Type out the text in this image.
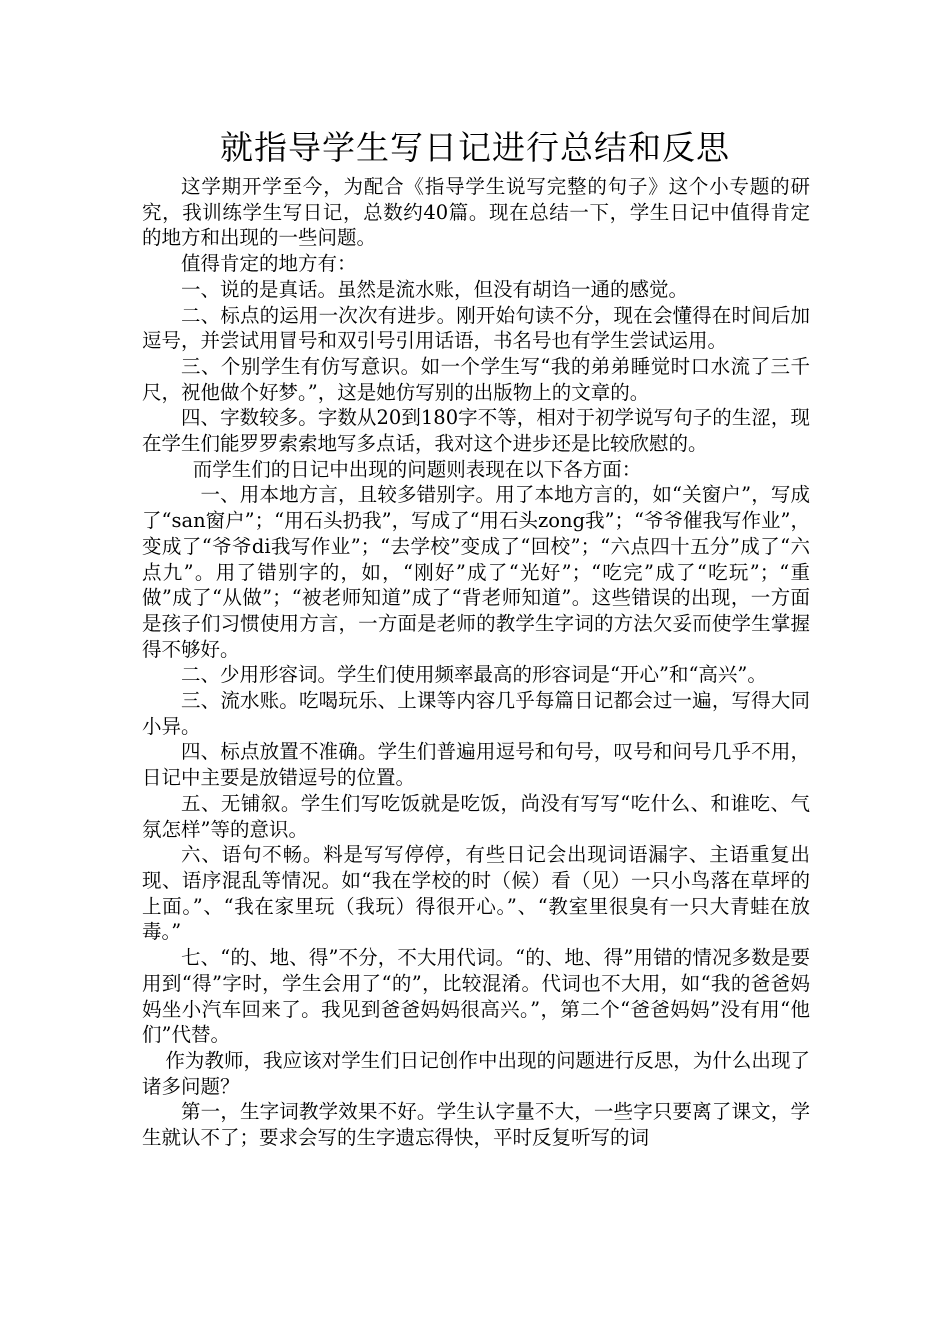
就指导学生写日记进行总结和反思

这学期开学至今，为配合《指导学生说写完整的句子》这个小专题的研究，我训练学生写日记，总数约40篇。现在总结一下，学生日记中值得肯定的地方和出现的一些问题。

值得肯定的地方有：

一、说的是真话。虽然是流水账，但没有胡诌一通的感觉。

二、标点的运用一次次有进步。刚开始句读不分，现在会懂得在时间后加逗号，并尝试用冒号和双引号引用话语，书名号也有学生尝试运用。

三、个别学生有仿写意识。如一个学生写“我的弟弟睡觉时口水流了三千尺，祝他做个好梦。”，这是她仿写别的出版物上的文章的。

四、字数较多。字数从20到180字不等，相对于初学说写句子的生涩，现在学生们能罗罗索索地写多点话，我对这个进步还是比较欣慰的。

而学生们的日记中出现的问题则表现在以下各方面：

一、用本地方言，且较多错别字。用了本地方言的，如“关窗户”，写成了“san窗户”；“用石头扔我”，写成了“用石头zong我”；“爷爷催我写作业”，变成了“爷爷di我写作业”；“去学校”变成了“回校”；“六点四十五分”成了“六点九”。用了错别字的，如，“刚好”成了“光好”；“吃完”成了“吃玩”；“重做”成了“从做”；“被老师知道”成了“背老师知道”。这些错误的出现，一方面是孩子们习惯使用方言，一方面是老师的教学生字词的方法欠妥而使学生掌握得不够好。

二、少用形容词。学生们使用频率最高的形容词是“开心”和“高兴”。

三、流水账。吃喝玩乐、上课等内容几乎每篇日记都会过一遍，写得大同小异。

四、标点放置不准确。学生们普遍用逗号和句号，叹号和问号几乎不用，日记中主要是放错逗号的位置。

五、无铺叙。学生们写吃饭就是吃饭，尚没有写写“吃什么、和谁吃、气氛怎样”等的意识。

六、语句不畅。料是写写停停，有些日记会出现词语漏字、主语重复出现、语序混乱等情况。如“我在学校的时（候）看（见）一只小鸟落在草坪的上面。”、“我在家里玩（我玩）得很开心。”、“教室里很臭有一只大青蛙在放毒。”

七、“的、地、得”不分，不大用代词。“的、地、得”用错的情况多数是要用到“得”字时，学生会用了“的”，比较混淆。代词也不大用，如“我的爸爸妈妈坐小汽车回来了。我见到爸爸妈妈很高兴。”，第二个“爸爸妈妈”没有用“他们”代替。

作为教师，我应该对学生们日记创作中出现的问题进行反思，为什么出现了诸多问题？

第一，生字词教学效果不好。学生认字量不大，一些字只要离了课文，学生就认不了；要求会写的生字遗忘得快，平时反复听写的词
